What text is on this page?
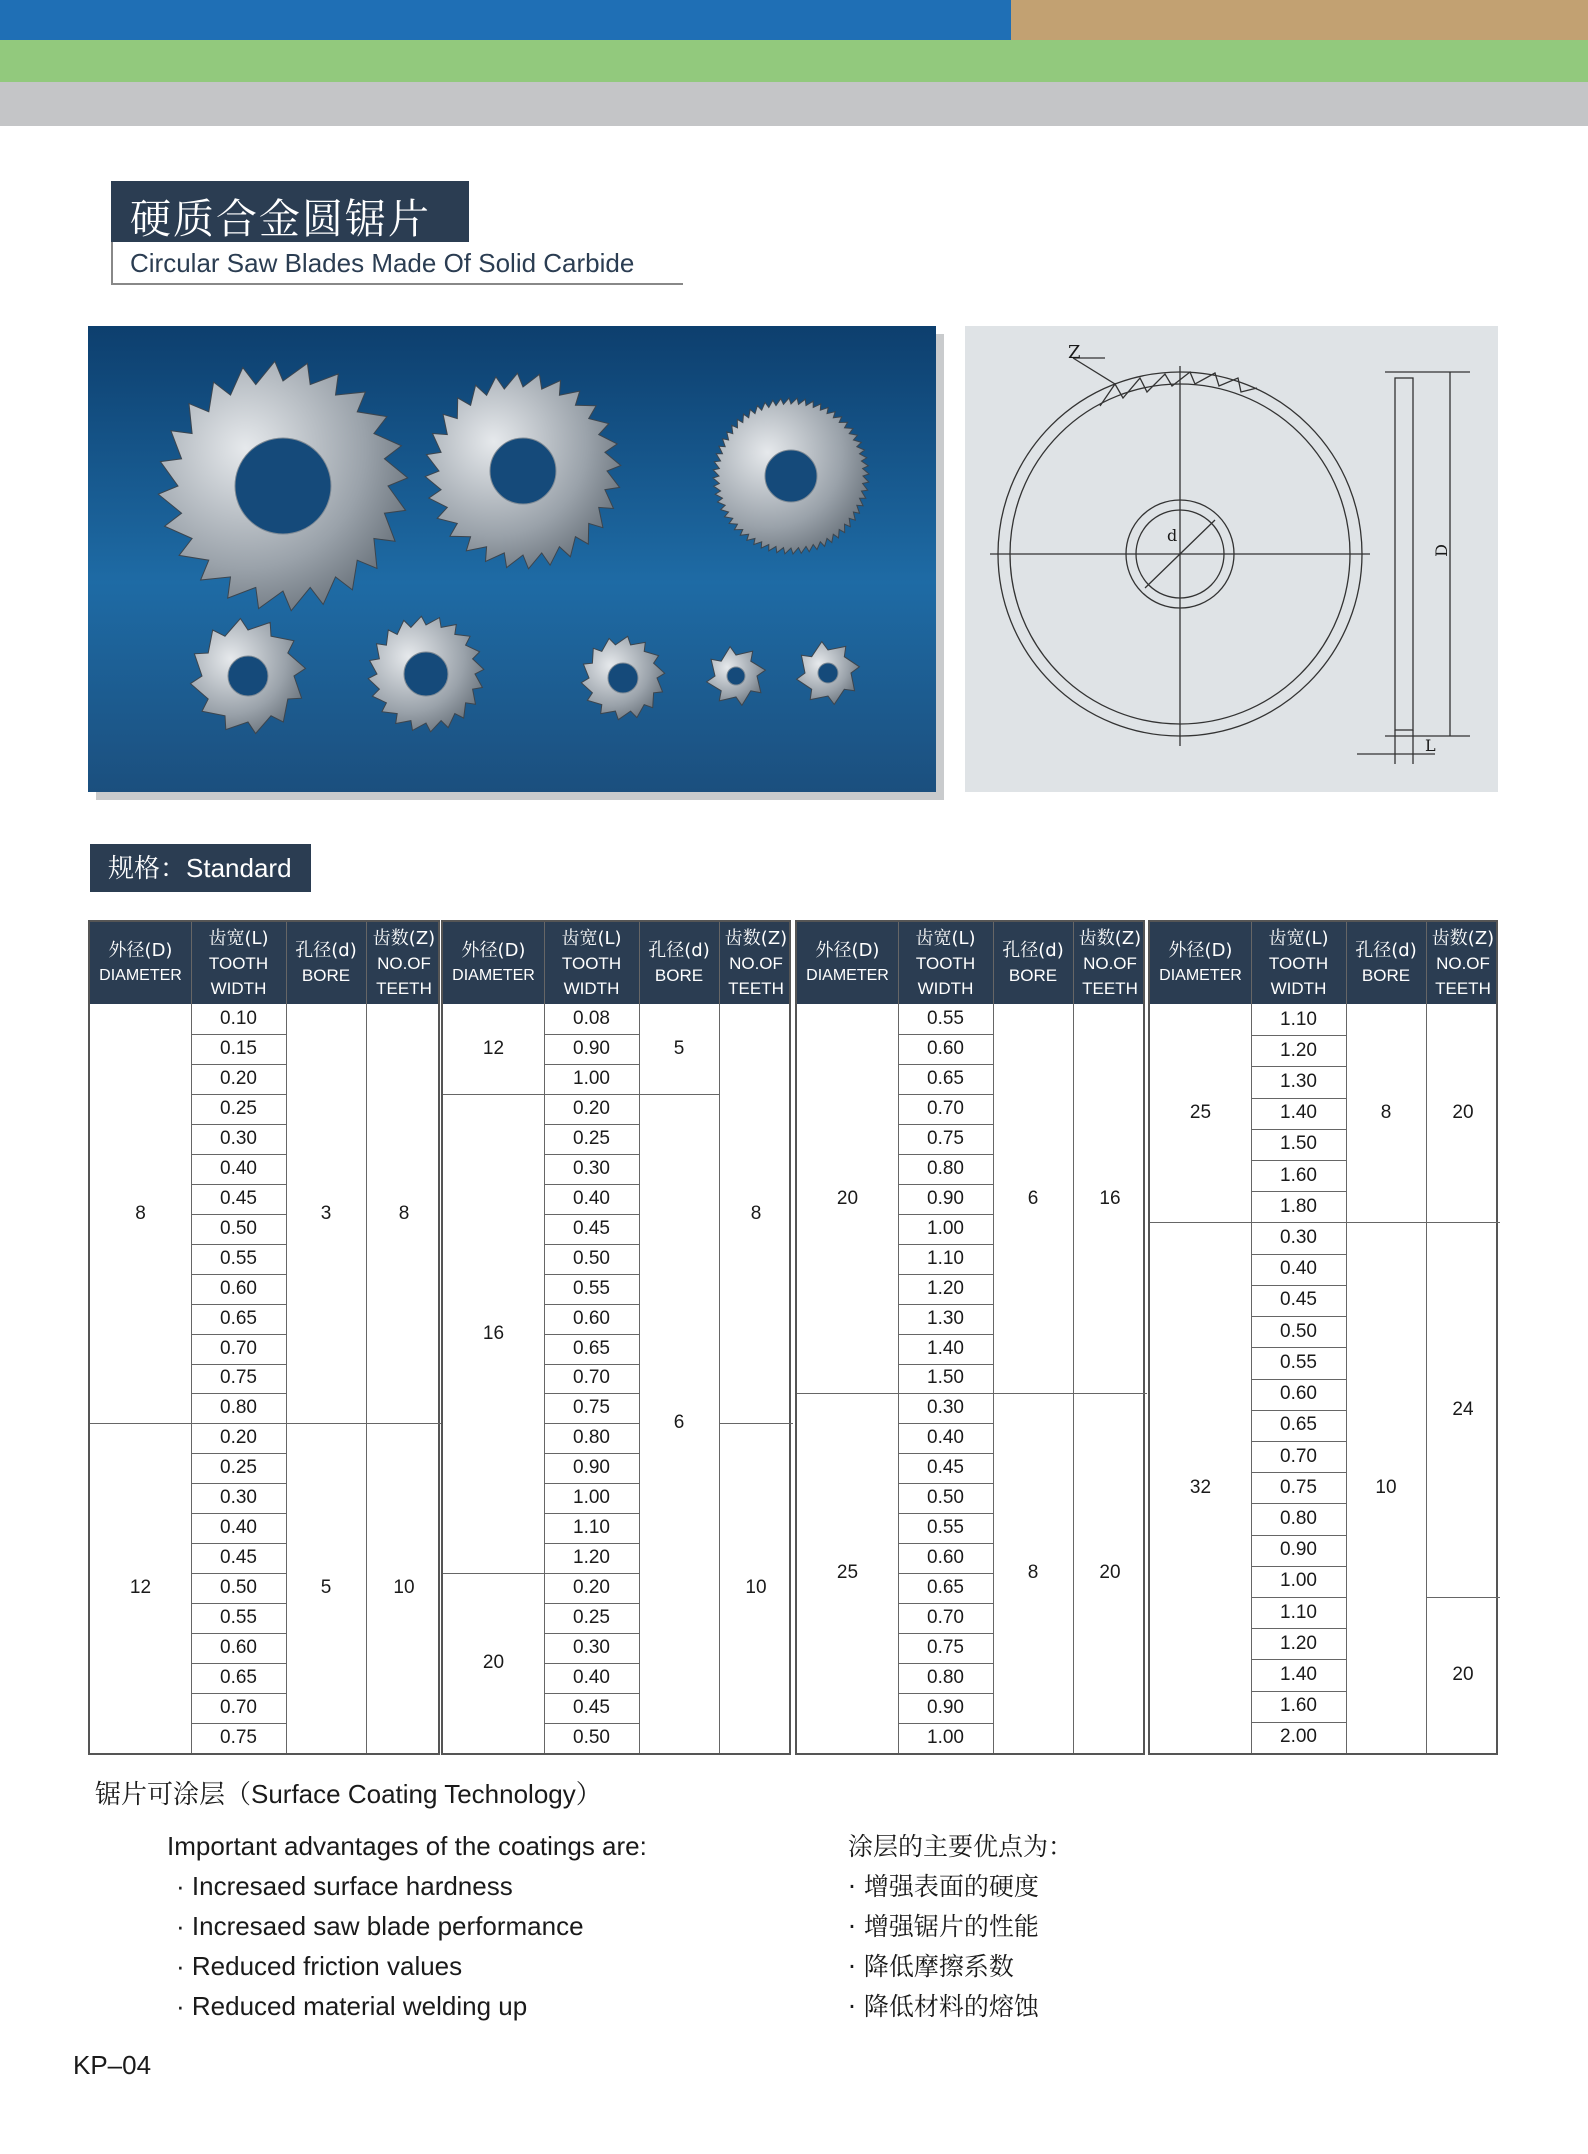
硬质合金圆锯片
Circular Saw Blades Made Of Solid Carbide
Z
d
D
L
规格：Standard
外径(D)
DIAMETER
齿宽(L)
TOOTH
WIDTH
孔径(d)
BORE
齿数(Z)
NO.OF
TEETH
0.10
0.15
0.20
0.25
0.30
0.40
0.45
0.50
0.55
0.60
0.65
0.70
0.75
0.80
0.20
0.25
0.30
0.40
0.45
0.50
0.55
0.60
0.65
0.70
0.75
8
12
3
5
8
10
外径(D)
DIAMETER
齿宽(L)
TOOTH
WIDTH
孔径(d)
BORE
齿数(Z)
NO.OF
TEETH
0.08
0.90
1.00
0.20
0.25
0.30
0.40
0.45
0.50
0.55
0.60
0.65
0.70
0.75
0.80
0.90
1.00
1.10
1.20
0.20
0.25
0.30
0.40
0.45
0.50
12
16
20
5
6
8
10
外径(D)
DIAMETER
齿宽(L)
TOOTH
WIDTH
孔径(d)
BORE
齿数(Z)
NO.OF
TEETH
0.55
0.60
0.65
0.70
0.75
0.80
0.90
1.00
1.10
1.20
1.30
1.40
1.50
0.30
0.40
0.45
0.50
0.55
0.60
0.65
0.70
0.75
0.80
0.90
1.00
20
25
6
8
16
20
外径(D)
DIAMETER
齿宽(L)
TOOTH
WIDTH
孔径(d)
BORE
齿数(Z)
NO.OF
TEETH
1.10
1.20
1.30
1.40
1.50
1.60
1.80
0.30
0.40
0.45
0.50
0.55
0.60
0.65
0.70
0.75
0.80
0.90
1.00
1.10
1.20
1.40
1.60
2.00
25
32
8
10
20
24
20
锯片可涂层（Surface Coating Technology）
Important advantages of the coatings are:
· Incresaed surface hardness
· Incresaed saw blade performance
· Reduced friction values
· Reduced material welding up
涂层的主要优点为：
· 增强表面的硬度
· 增强锯片的性能
· 降低摩擦系数
· 降低材料的熔蚀
KP–04
